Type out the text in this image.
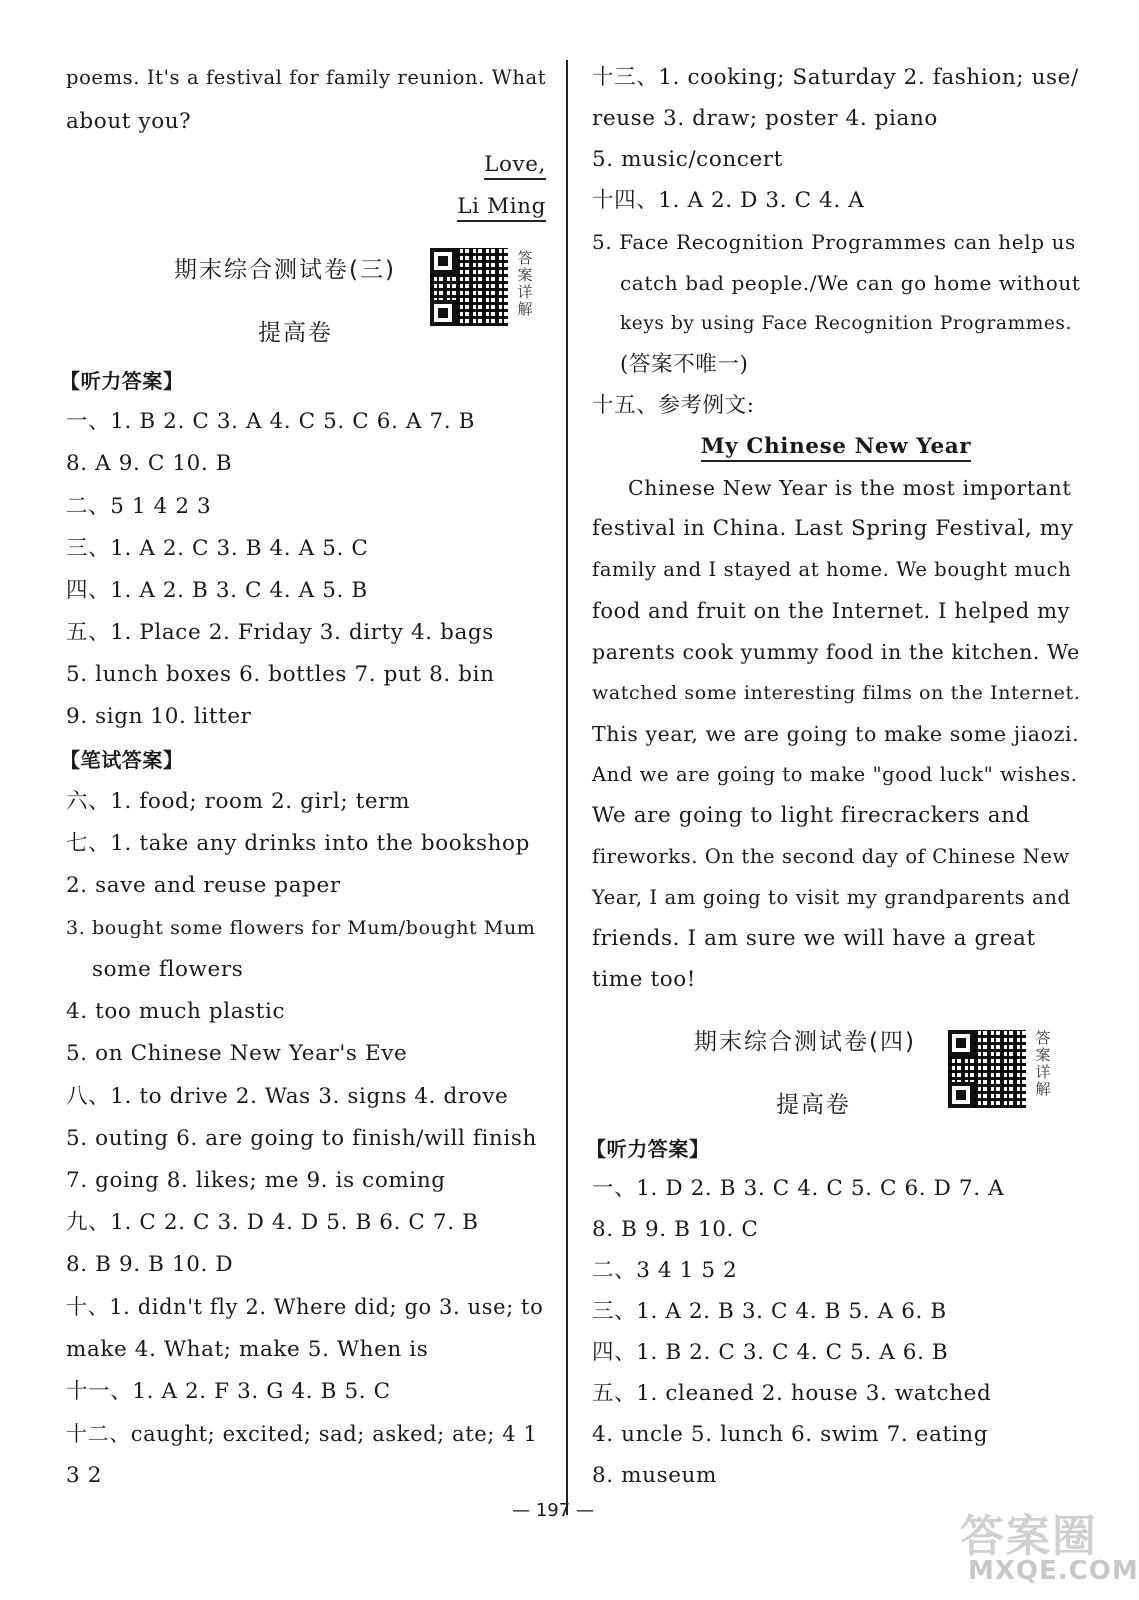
poems. It's a festival for family reunion. What
about you?
Love,
Li Ming
期末综合测试卷(三)	答案详解
提高卷
【听力答案】
一、1. B 2. C 3. A 4. C 5. C 6. A 7. B
8. A 9. C 10. B
二、5 1 4 2 3
三、1. A 2. C 3. B 4. A 5. C
四、1. A 2. B 3. C 4. A 5. B
五、1. Place 2. Friday 3. dirty 4. bags
5. lunch boxes 6. bottles 7. put 8. bin
9. sign 10. litter
【笔试答案】
六、1. food; room 2. girl; term
七、1. take any drinks into the bookshop
2. save and reuse paper
3. bought some flowers for Mum/bought Mum
some flowers
4. too much plastic
5. on Chinese New Year's Eve
八、1. to drive 2. Was 3. signs 4. drove
5. outing 6. are going to finish/will finish
7. going 8. likes; me 9. is coming
九、1. C 2. C 3. D 4. D 5. B 6. C 7. B
8. B 9. B 10. D
十、1. didn't fly 2. Where did; go 3. use; to
make 4. What; make 5. When is
十一、1. A 2. F 3. G 4. B 5. C
十二、caught; excited; sad; asked; ate; 4 1
3 2
十三、1. cooking; Saturday 2. fashion; use/
reuse 3. draw; poster 4. piano
5. music/concert
十四、1. A 2. D 3. C 4. A
5. Face Recognition Programmes can help us
catch bad people./We can go home without
keys by using Face Recognition Programmes.
(答案不唯一)
十五、参考例文:
My Chinese New Year
Chinese New Year is the most important
festival in China. Last Spring Festival, my
family and I stayed at home. We bought much
food and fruit on the Internet. I helped my
parents cook yummy food in the kitchen. We
watched some interesting films on the Internet.
This year, we are going to make some jiaozi.
And we are going to make "good luck" wishes.
We are going to light firecrackers and
fireworks. On the second day of Chinese New
Year, I am going to visit my grandparents and
friends. I am sure we will have a great
time too!
期末综合测试卷(四)	答案详解
提高卷
【听力答案】
一、1. D 2. B 3. C 4. C 5. C 6. D 7. A
8. B 9. B 10. C
二、3 4 1 5 2
三、1. A 2. B 3. C 4. B 5. A 6. B
四、1. B 2. C 3. C 4. C 5. A 6. B
五、1. cleaned 2. house 3. watched
4. uncle 5. lunch 6. swim 7. eating
8. museum
— 197 —
答案圈
MXQE.COM
